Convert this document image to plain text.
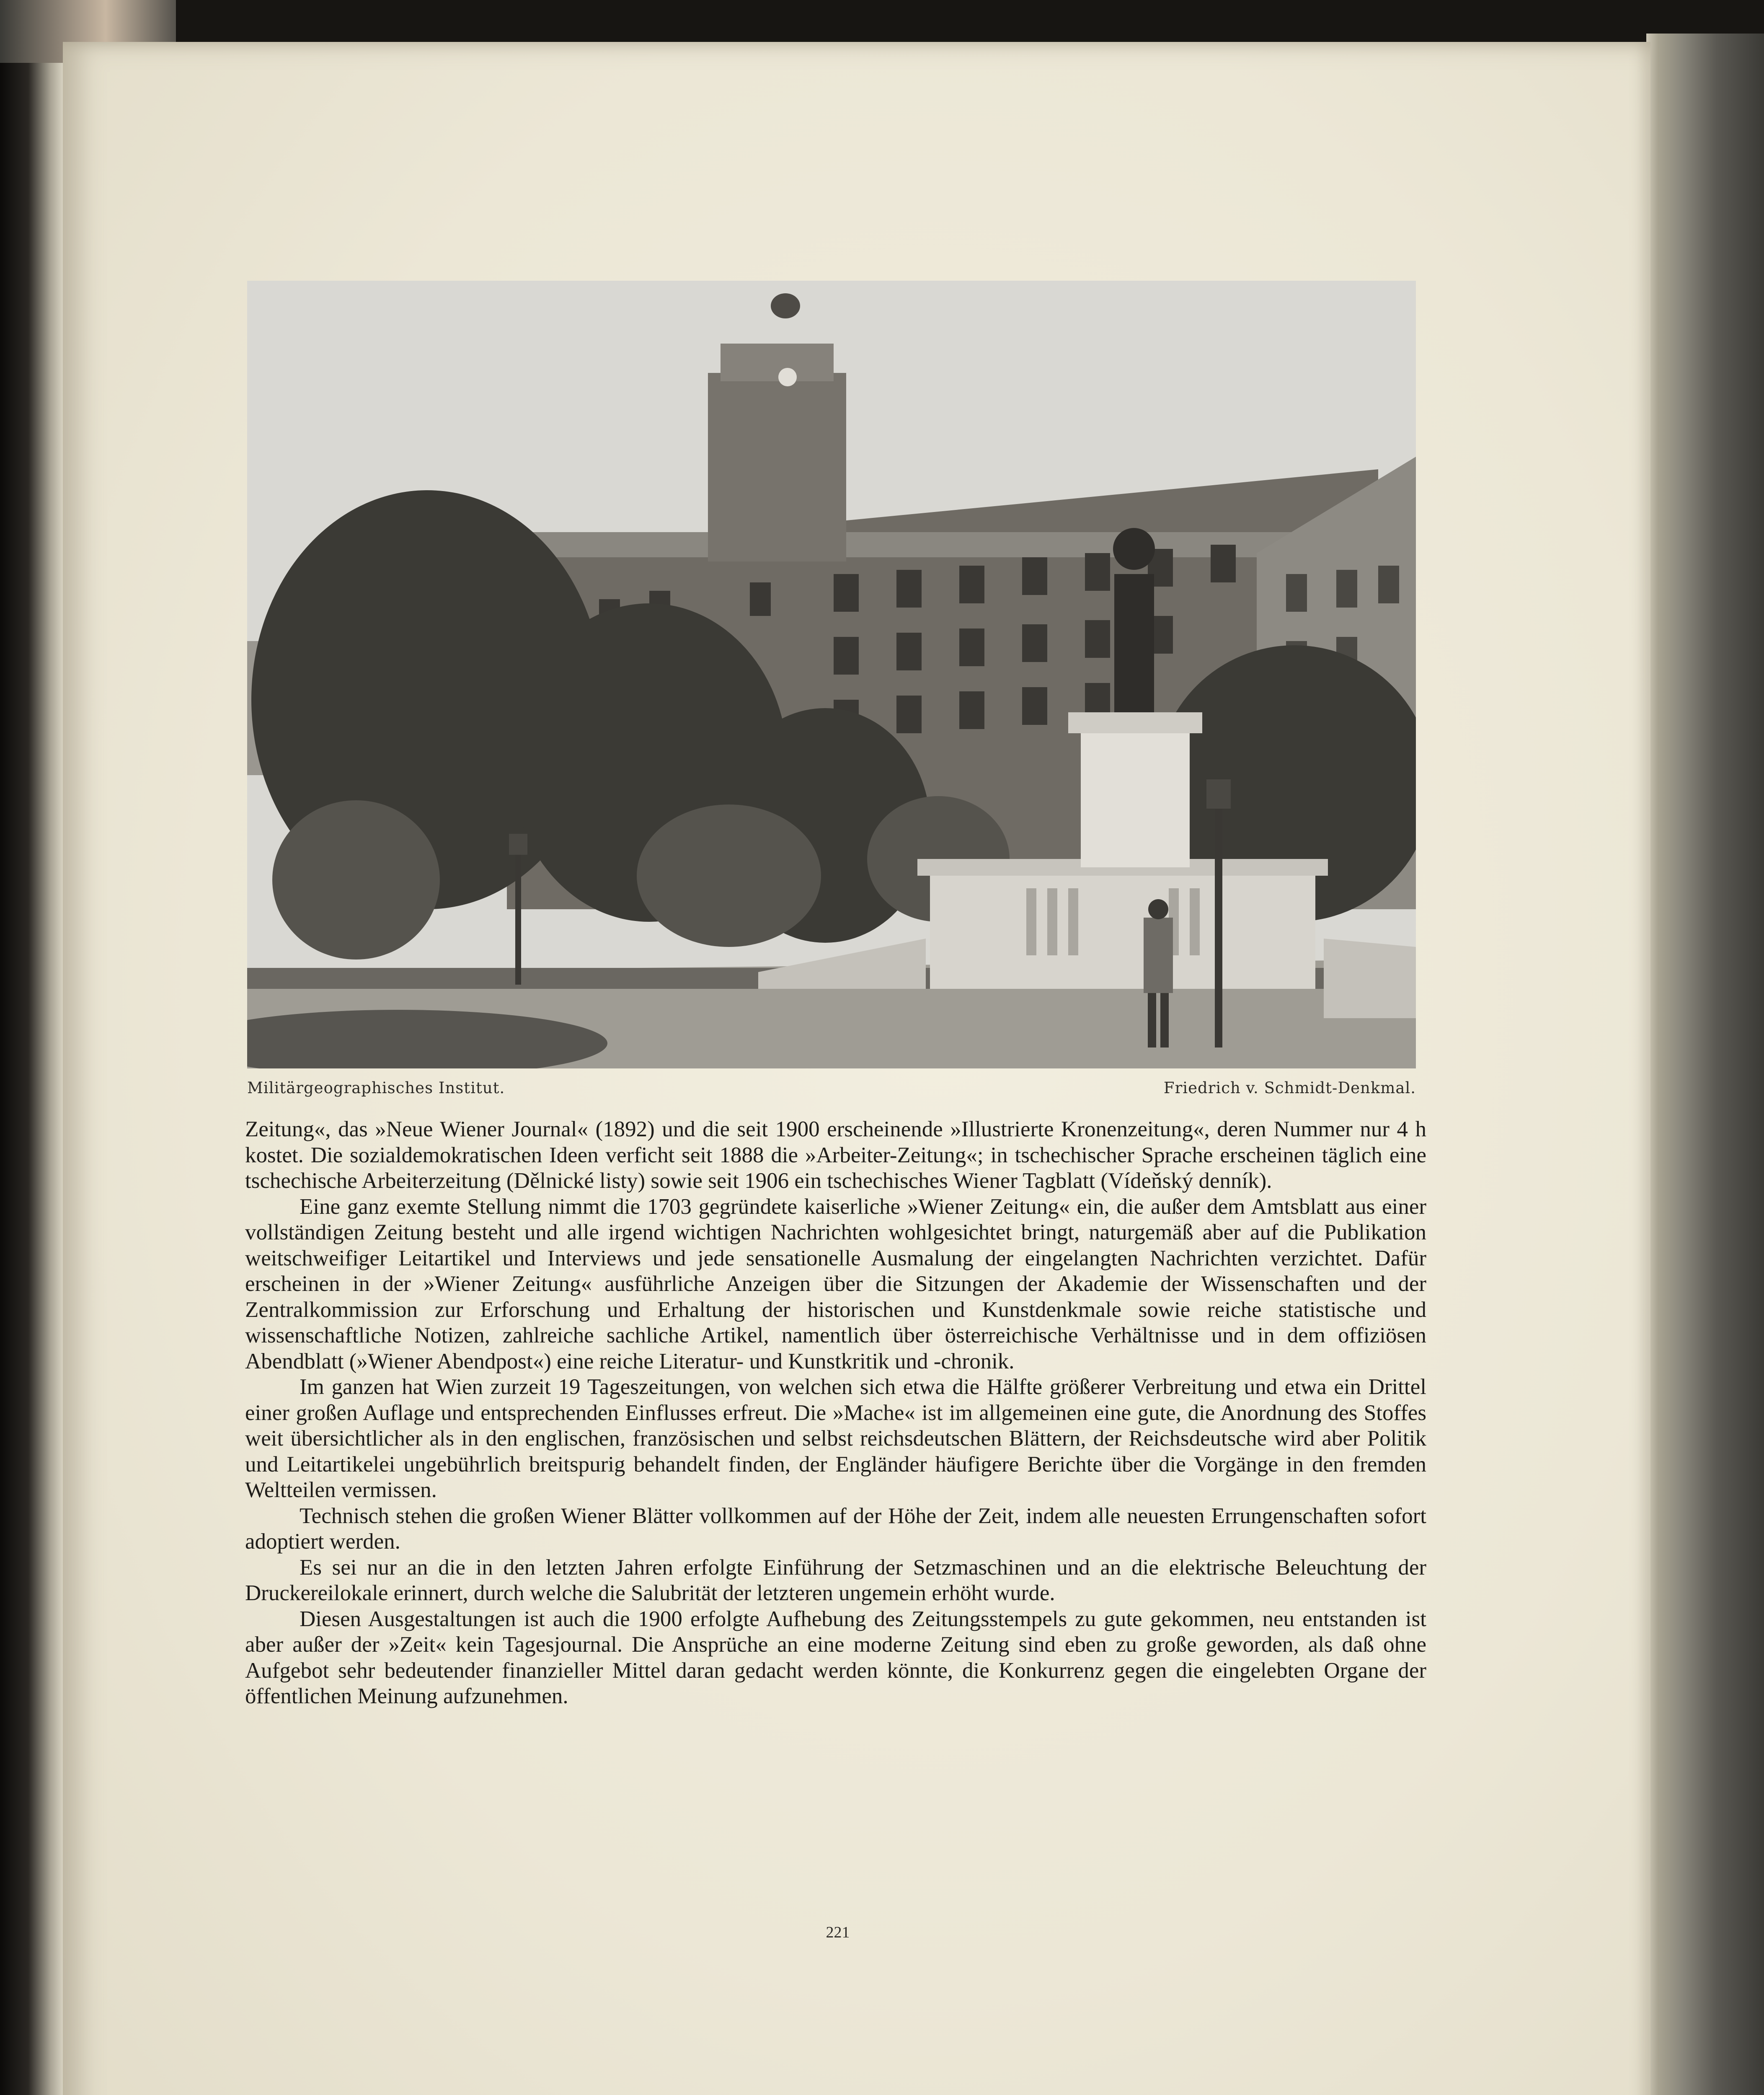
Militärgeographisches Institut.	Friedrich v. Schmidt-Denkmal.

Zeitung«, das »Neue Wiener Journal« (1892) und die seit 1900 erscheinende »Illustrierte Kronenzeitung«, deren Nummer nur 4 h kostet. Die sozialdemokratischen Ideen verficht seit 1888 die »Arbeiter-Zeitung«; in tschechischer Sprache erscheinen täglich eine tschechische Arbeiterzeitung (Dělnické listy) sowie seit 1906 ein tschechisches Wiener Tagblatt (Vídeňský denník).

Eine ganz exemte Stellung nimmt die 1703 gegründete kaiserliche »Wiener Zeitung« ein, die außer dem Amtsblatt aus einer vollständigen Zeitung besteht und alle irgend wichtigen Nachrichten wohlgesichtet bringt, naturgemäß aber auf die Publikation weitschweifiger Leitartikel und Interviews und jede sensationelle Ausmalung der eingelangten Nachrichten verzichtet. Dafür erscheinen in der »Wiener Zeitung« ausführliche Anzeigen über die Sitzungen der Akademie der Wissenschaften und der Zentralkommission zur Erforschung und Erhaltung der historischen und Kunstdenkmale sowie reiche statistische und wissenschaftliche Notizen, zahlreiche sachliche Artikel, namentlich über österreichische Verhältnisse und in dem offiziösen Abendblatt (»Wiener Abendpost«) eine reiche Literatur- und Kunstkritik und -chronik.

Im ganzen hat Wien zurzeit 19 Tageszeitungen, von welchen sich etwa die Hälfte größerer Verbreitung und etwa ein Drittel einer großen Auflage und entsprechenden Einflusses erfreut. Die »Mache« ist im allgemeinen eine gute, die Anordnung des Stoffes weit übersichtlicher als in den englischen, französischen und selbst reichsdeutschen Blättern, der Reichsdeutsche wird aber Politik und Leitartikelei ungebührlich breitspurig behandelt finden, der Engländer häufigere Berichte über die Vorgänge in den fremden Weltteilen vermissen.

Technisch stehen die großen Wiener Blätter vollkommen auf der Höhe der Zeit, indem alle neuesten Errungenschaften sofort adoptiert werden.

Es sei nur an die in den letzten Jahren erfolgte Einführung der Setzmaschinen und an die elektrische Beleuchtung der Druckereilokale erinnert, durch welche die Salubrität der letzteren ungemein erhöht wurde.

Diesen Ausgestaltungen ist auch die 1900 erfolgte Aufhebung des Zeitungsstempels zu gute gekommen, neu entstanden ist aber außer der »Zeit« kein Tagesjournal. Die Ansprüche an eine moderne Zeitung sind eben zu große geworden, als daß ohne Aufgebot sehr bedeutender finanzieller Mittel daran gedacht werden könnte, die Konkurrenz gegen die eingelebten Organe der öffentlichen Meinung aufzunehmen.

221
